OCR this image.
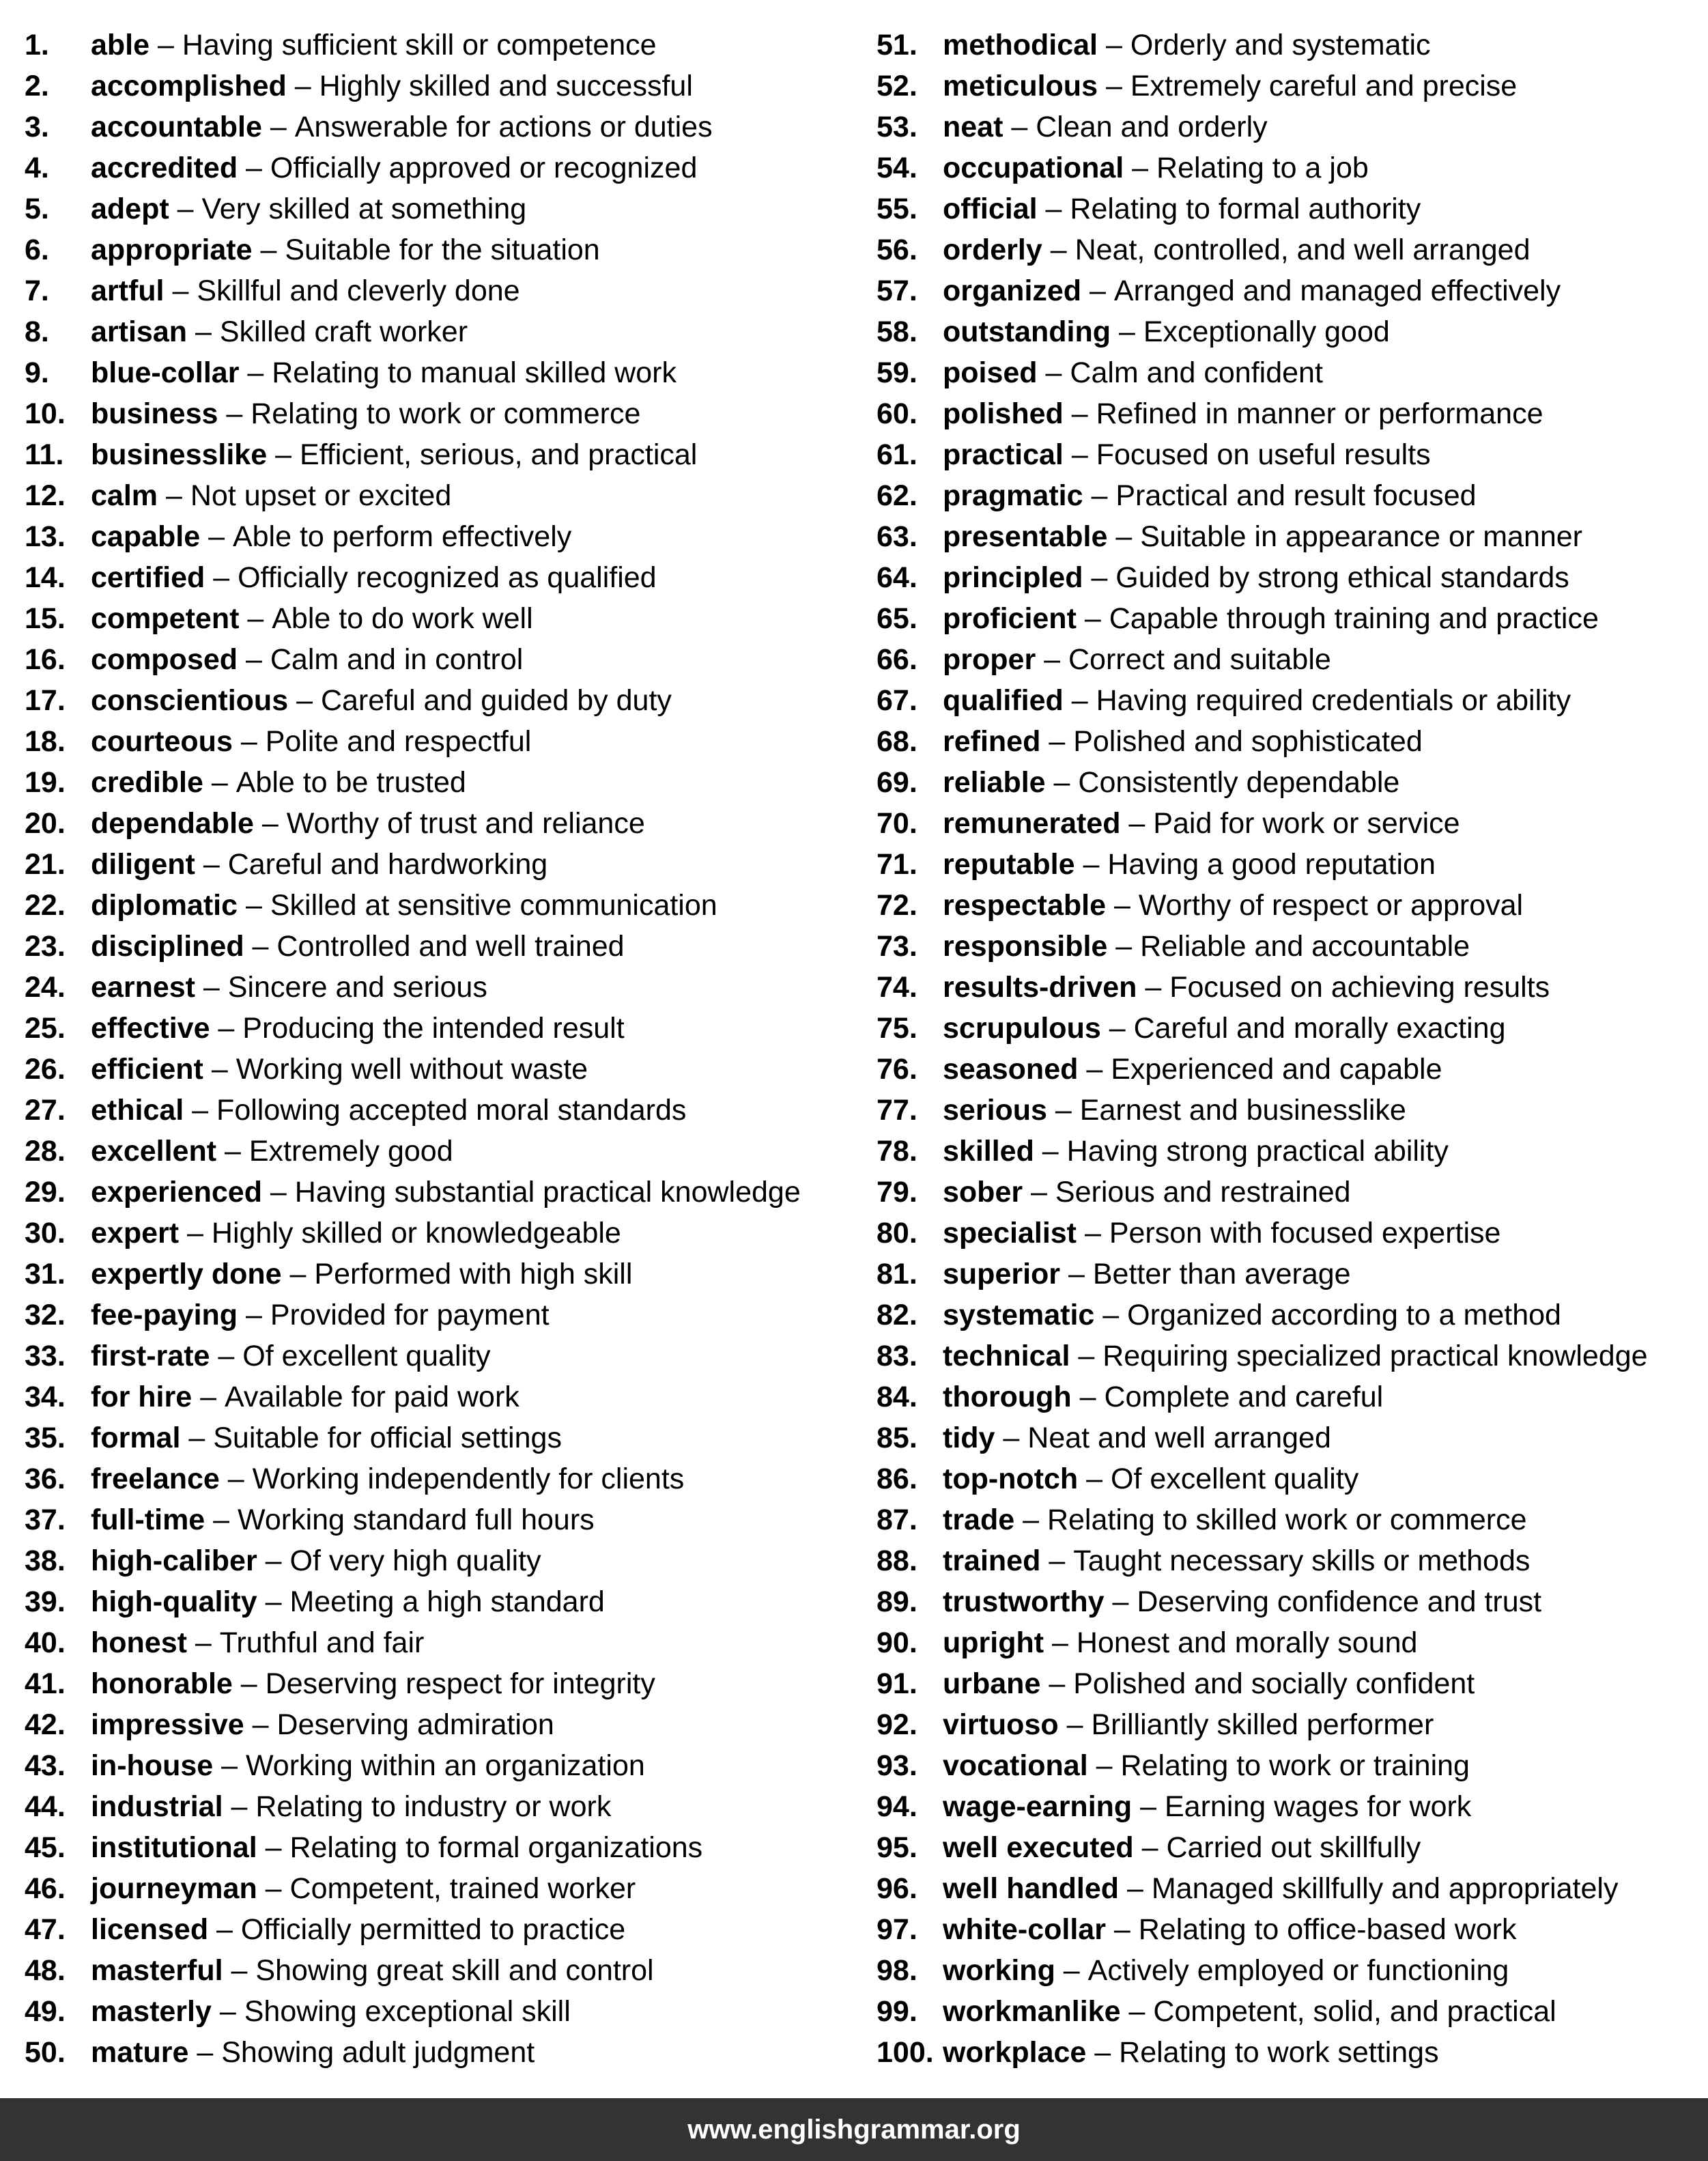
1.	able – Having sufficient skill or competence
2.	accomplished – Highly skilled and successful
3.	accountable – Answerable for actions or duties
4.	accredited – Officially approved or recognized
5.	adept – Very skilled at something
6.	appropriate – Suitable for the situation
7.	artful – Skillful and cleverly done
8.	artisan – Skilled craft worker
9.	blue-collar – Relating to manual skilled work
10. business – Relating to work or commerce
11. businesslike – Efficient, serious, and practical
12. calm – Not upset or excited
13. capable – Able to perform effectively
14. certified – Officially recognized as qualified
15. competent – Able to do work well
16. composed – Calm and in control
17. conscientious – Careful and guided by duty
18. courteous – Polite and respectful
19. credible – Able to be trusted
20. dependable – Worthy of trust and reliance
21. diligent – Careful and hardworking
22. diplomatic – Skilled at sensitive communication
23. disciplined – Controlled and well trained
24. earnest – Sincere and serious
25. effective – Producing the intended result
26. efficient – Working well without waste
27. ethical – Following accepted moral standards
28. excellent – Extremely good
29. experienced – Having substantial practical knowledge
30. expert – Highly skilled or knowledgeable
31. expertly done – Performed with high skill
32. fee-paying – Provided for payment
33. first-rate – Of excellent quality
34. for hire – Available for paid work
35. formal – Suitable for official settings
36. freelance – Working independently for clients
37. full-time – Working standard full hours
38. high-caliber – Of very high quality
39. high-quality – Meeting a high standard
40. honest – Truthful and fair
41. honorable – Deserving respect for integrity
42. impressive – Deserving admiration
43. in-house – Working within an organization
44. industrial – Relating to industry or work
45. institutional – Relating to formal organizations
46. journeyman – Competent, trained worker
47. licensed – Officially permitted to practice
48. masterful – Showing great skill and control
49. masterly – Showing exceptional skill
50. mature – Showing adult judgment
51. methodical – Orderly and systematic
52. meticulous – Extremely careful and precise
53. neat – Clean and orderly
54. occupational – Relating to a job
55. official – Relating to formal authority
56. orderly – Neat, controlled, and well arranged
57. organized – Arranged and managed effectively
58. outstanding – Exceptionally good
59. poised – Calm and confident
60. polished – Refined in manner or performance
61. practical – Focused on useful results
62. pragmatic – Practical and result focused
63. presentable – Suitable in appearance or manner
64. principled – Guided by strong ethical standards
65. proficient – Capable through training and practice
66. proper – Correct and suitable
67. qualified – Having required credentials or ability
68. refined – Polished and sophisticated
69. reliable – Consistently dependable
70. remunerated – Paid for work or service
71. reputable – Having a good reputation
72. respectable – Worthy of respect or approval
73. responsible – Reliable and accountable
74. results-driven – Focused on achieving results
75. scrupulous – Careful and morally exacting
76. seasoned – Experienced and capable
77. serious – Earnest and businesslike
78. skilled – Having strong practical ability
79. sober – Serious and restrained
80. specialist – Person with focused expertise
81. superior – Better than average
82. systematic – Organized according to a method
83. technical – Requiring specialized practical knowledge
84. thorough – Complete and careful
85. tidy – Neat and well arranged
86. top-notch – Of excellent quality
87. trade – Relating to skilled work or commerce
88. trained – Taught necessary skills or methods
89. trustworthy – Deserving confidence and trust
90. upright – Honest and morally sound
91. urbane – Polished and socially confident
92. virtuoso – Brilliantly skilled performer
93. vocational – Relating to work or training
94. wage-earning – Earning wages for work
95. well executed – Carried out skillfully
96. well handled – Managed skillfully and appropriately
97. white-collar – Relating to office-based work
98. working – Actively employed or functioning
99. workmanlike – Competent, solid, and practical
100. workplace – Relating to work settings
www.englishgrammar.org
